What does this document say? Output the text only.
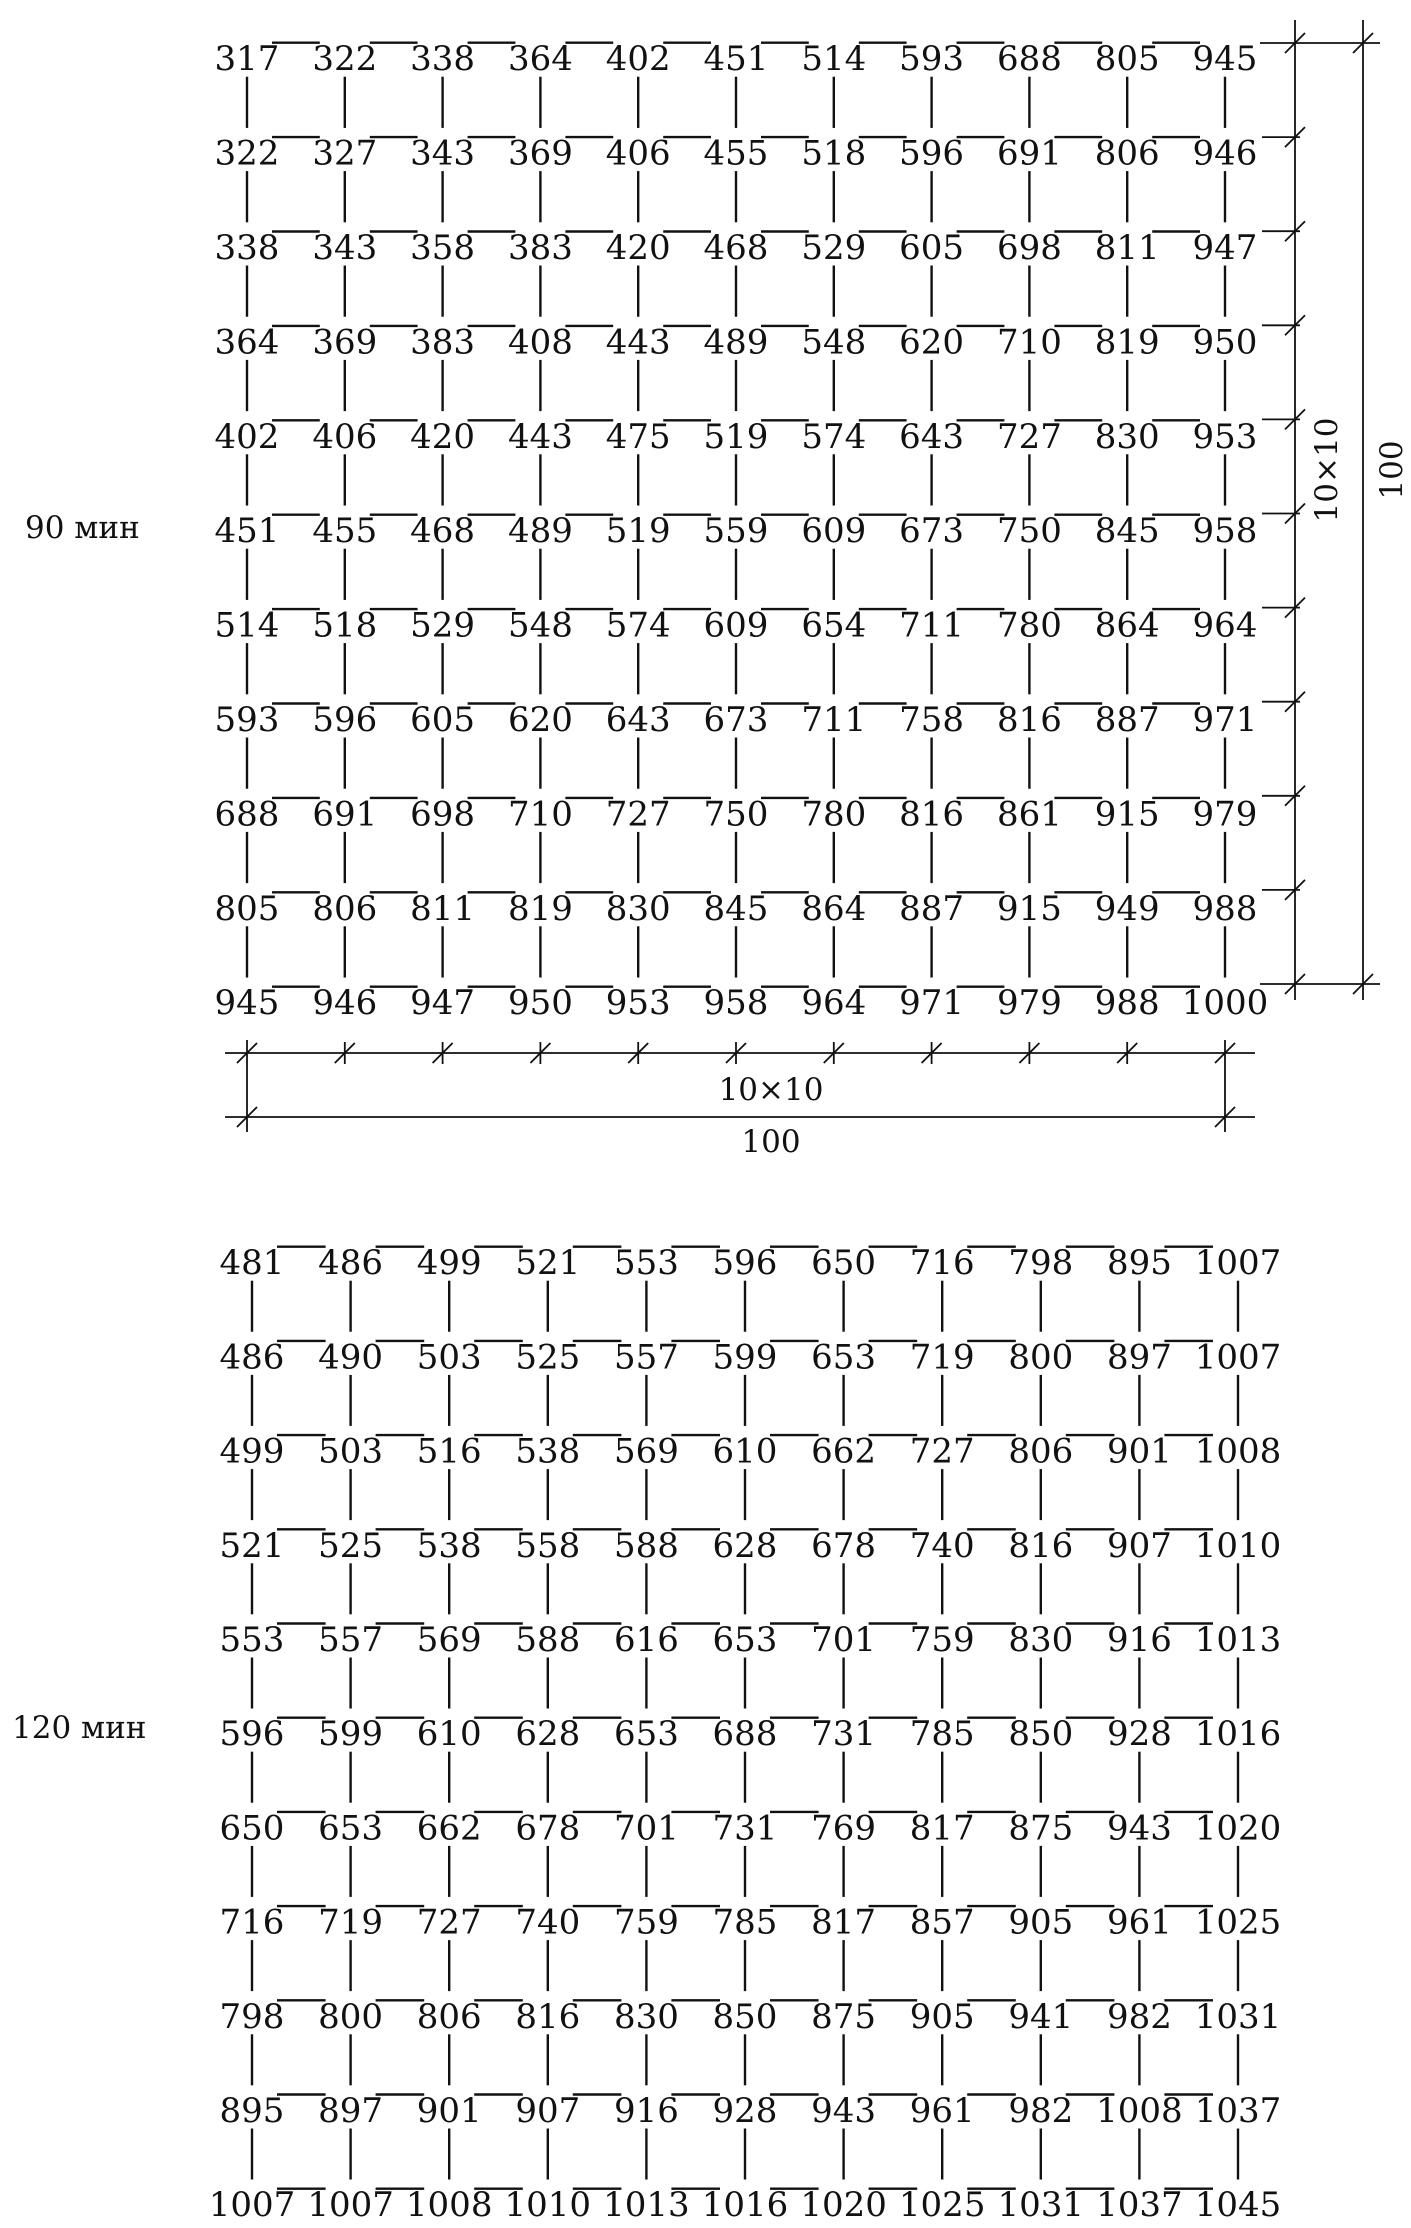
90 мин
317 322 338 364 402 451 514 593 688 805 945
322 327 343 369 406 455 518 596 691 806 946
338 343 358 383 420 468 529 605 698 811 947
364 369 383 408 443 489 548 620 710 819 950
402 406 420 443 475 519 574 643 727 830 953
451 455 468 489 519 559 609 673 750 845 958
514 518 529 548 574 609 654 711 780 864 964
593 596 605 620 643 673 711 758 816 887 971
688 691 698 710 727 750 780 816 861 915 979
805 806 811 819 830 845 864 887 915 949 988
945 946 947 950 953 958 964 971 979 988 1000
10×10 100
10×10
100
120 мин
481 486 499 521 553 596 650 716 798 895 1007
486 490 503 525 557 599 653 719 800 897 1007
499 503 516 538 569 610 662 727 806 901 1008
521 525 538 558 588 628 678 740 816 907 1010
553 557 569 588 616 653 701 759 830 916 1013
596 599 610 628 653 688 731 785 850 928 1016
650 653 662 678 701 731 769 817 875 943 1020
716 719 727 740 759 785 817 857 905 961 1025
798 800 806 816 830 850 875 905 941 982 1031
895 897 901 907 916 928 943 961 982 1008 1037
1007 1007 1008 1010 1013 1016 1020 1025 1031 1037 1045
